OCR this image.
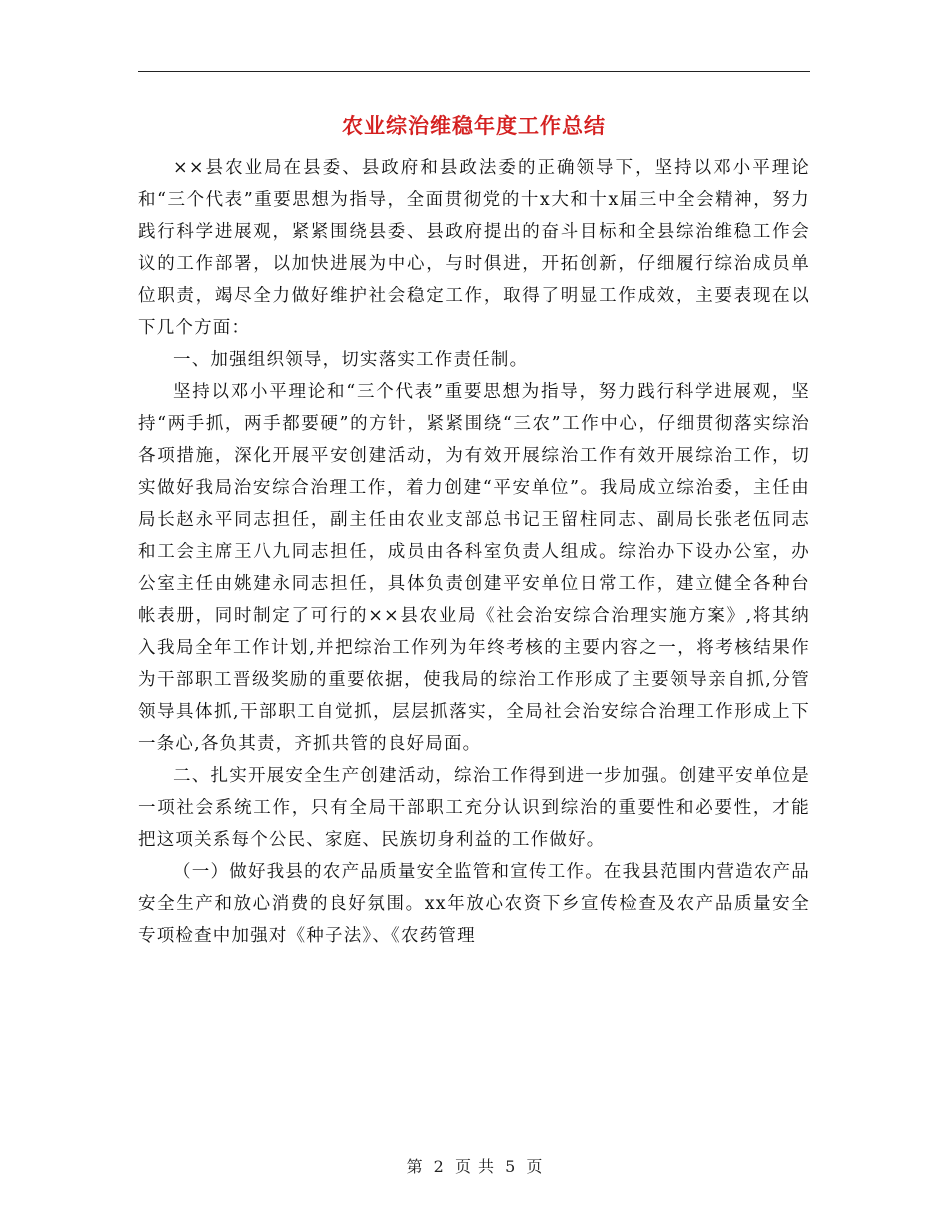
农业综治维稳年度工作总结

××县农业局在县委、县政府和县政法委的正确领导下，坚持以邓小平理论和“三个代表”重要思想为指导，全面贯彻党的十x大和十x届三中全会精神，努力践行科学进展观，紧紧围绕县委、县政府提出的奋斗目标和全县综治维稳工作会议的工作部署，以加快进展为中心，与时俱进，开拓创新，仔细履行综治成员单位职责，竭尽全力做好维护社会稳定工作，取得了明显工作成效，主要表现在以下几个方面：

一、加强组织领导，切实落实工作责任制。

坚持以邓小平理论和“三个代表”重要思想为指导，努力践行科学进展观，坚持“两手抓，两手都要硬”的方针，紧紧围绕“三农”工作中心，仔细贯彻落实综治各项措施，深化开展平安创建活动，为有效开展综治工作有效开展综治工作，切实做好我局治安综合治理工作，着力创建“平安单位”。我局成立综治委，主任由局长赵永平同志担任，副主任由农业支部总书记王留柱同志、副局长张老伍同志和工会主席王八九同志担任，成员由各科室负责人组成。综治办下设办公室，办公室主任由姚建永同志担任，具体负责创建平安单位日常工作，建立健全各种台帐表册，同时制定了可行的××县农业局《社会治安综合治理实施方案》,将其纳入我局全年工作计划,并把综治工作列为年终考核的主要内容之一，将考核结果作为干部职工晋级奖励的重要依据，使我局的综治工作形成了主要领导亲自抓,分管领导具体抓,干部职工自觉抓，层层抓落实，全局社会治安综合治理工作形成上下一条心,各负其责，齐抓共管的良好局面。

二、扎实开展安全生产创建活动，综治工作得到进一步加强。创建平安单位是一项社会系统工作，只有全局干部职工充分认识到综治的重要性和必要性，才能把这项关系每个公民、家庭、民族切身利益的工作做好。

（一）做好我县的农产品质量安全监管和宣传工作。在我县范围内营造农产品安全生产和放心消费的良好氛围。xx年放心农资下乡宣传检查及农产品质量安全专项检查中加强对《种子法》、《农药管理

第 2 页 共 5 页
